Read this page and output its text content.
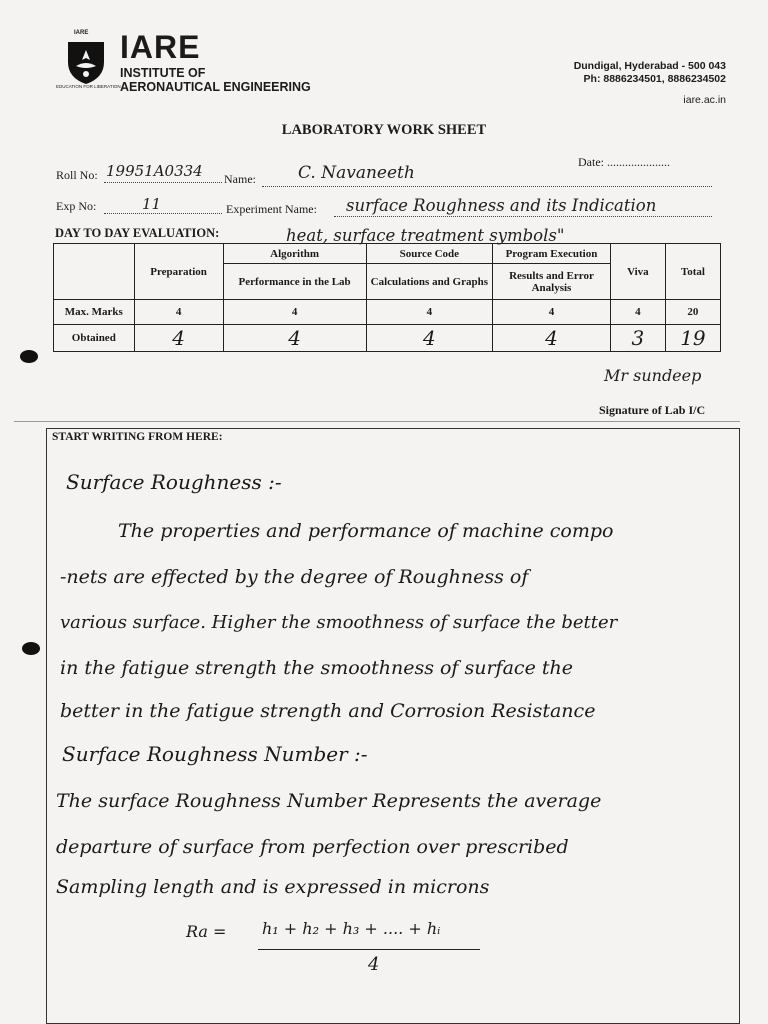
IARE
EDUCATION FOR LIBERATION
IARE
INSTITUTE OF
AERONAUTICAL ENGINEERING
Dundigal, Hyderabad - 500 043
Ph: 8886234501, 8886234502
iare.ac.in
LABORATORY WORK SHEET
Date: .....................
Roll No: 19951A0334 Name: C. Navaneeth
Exp No:	11	Experiment Name: surface Roughness and its Indication
heat, surface treatment symbols"
DAY TO DAY EVALUATION:
	Preparation	Algorithm	Source Code	Program Execution	Viva	Total
		Performance in the Lab	Calculations and Graphs	Results and Error Analysis		
Max. Marks	4	4	4	4	4	20
Obtained	4	4	4	4	3	19
Mr sundeep
Signature of Lab I/C
START WRITING FROM HERE:
Surface Roughness :-
The properties and performance of machine compo
-nets are effected by the degree of Roughness of
various surface. Higher the smoothness of surface the better
in the fatigue strength the smoothness of surface the
better in the fatigue strength and Corrosion Resistance
Surface Roughness Number :-
The surface Roughness Number Represents the average
departure of surface from perfection over prescribed
Sampling length and is expressed in microns
Ra = h₁ + h₂ + h₃ + .... + hᵢ
4
